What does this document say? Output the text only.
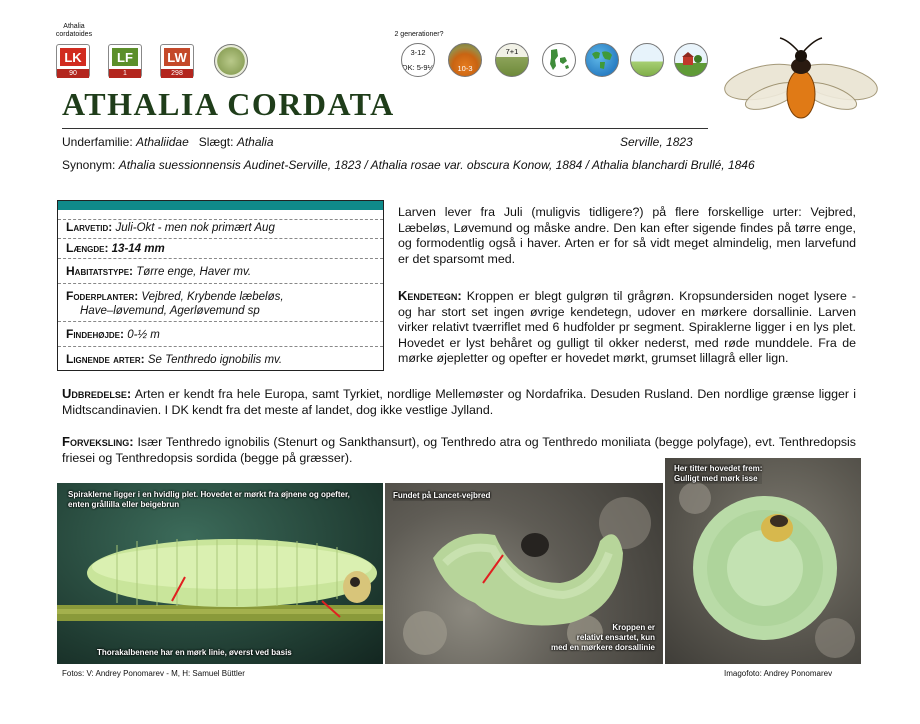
Athalia
cordatoides
LK
90
LF
1
LW
298
2 generationer?
3-12
DK: 5-9½	10-3
7+1
ATHALIA CORDATA
Underfamilie: Athaliidae Slægt: Athalia	Serville, 1823
Synonym: Athalia suessionnensis Audinet-Serville, 1823 / Athalia rosae var. obscura Konow, 1884 / Athalia blanchardi Brullé, 1846
Larvetid: Juli-Okt - men nok primært Aug
Længde: 13-14 mm
Habitatstype: Tørre enge, Haver mv.
Foderplanter: Vejbred, Krybende læbeløs,
Have–løvemund, Agerløvemund sp
Findehøjde: 0-½ m
Lignende arter: Se Tenthredo ignobilis mv.
Larven lever fra Juli (muligvis tidligere?) på flere forskellige urter: Vejbred, Læbeløs, Løvemund og måske andre. Den kan efter sigende findes på tørre enge, og formodentlig også i haver. Arten er for så vidt meget almindelig, men larvefund er det sparsomt med.
Kendetegn: Kroppen er blegt gulgrøn til grågrøn. Kropsundersiden noget lysere - og har stort set ingen øvrige kendetegn, udover en mørkere dorsallinie. Larven virker relativt tværriflet med 6 hudfolder pr segment. Spiraklerne ligger i en lys plet. Hovedet er lyst behåret og gulligt til okker nederst, med røde munddele. Fra de mørke øjepletter og opefter er hovedet mørkt, grumset lillagrå eller lign.
Udbredelse: Arten er kendt fra hele Europa, samt Tyrkiet, nordlige Mellemøster og Nordafrika. Desuden Rusland. Den nordlige grænse ligger i Midtscandinavien. I DK kendt fra det meste af landet, dog ikke vestlige Jylland.
Forveksling: Især Tenthredo ignobilis (Stenurt og Sankthansurt), og Tenthredo atra og Tenthredo moniliata (begge polyfage), evt. Tenthredopsis friesei og Tenthredopsis sordida (begge på græsser).
Spiraklerne ligger i en hvidlig plet. Hovedet er mørkt fra øjnene og opefter, enten grållilla eller beigebrun
Thorakalbenene har en mørk linie, øverst ved basis
Fundet på Lancet-vejbred
Kroppen er
relativt ensartet, kun
med en mørkere dorsallinie
Her titter hovedet frem:
Gulligt med mørk isse
Fotos: V: Andrey Ponomarev - M, H: Samuel Büttler	Imagofoto: Andrey Ponomarev
